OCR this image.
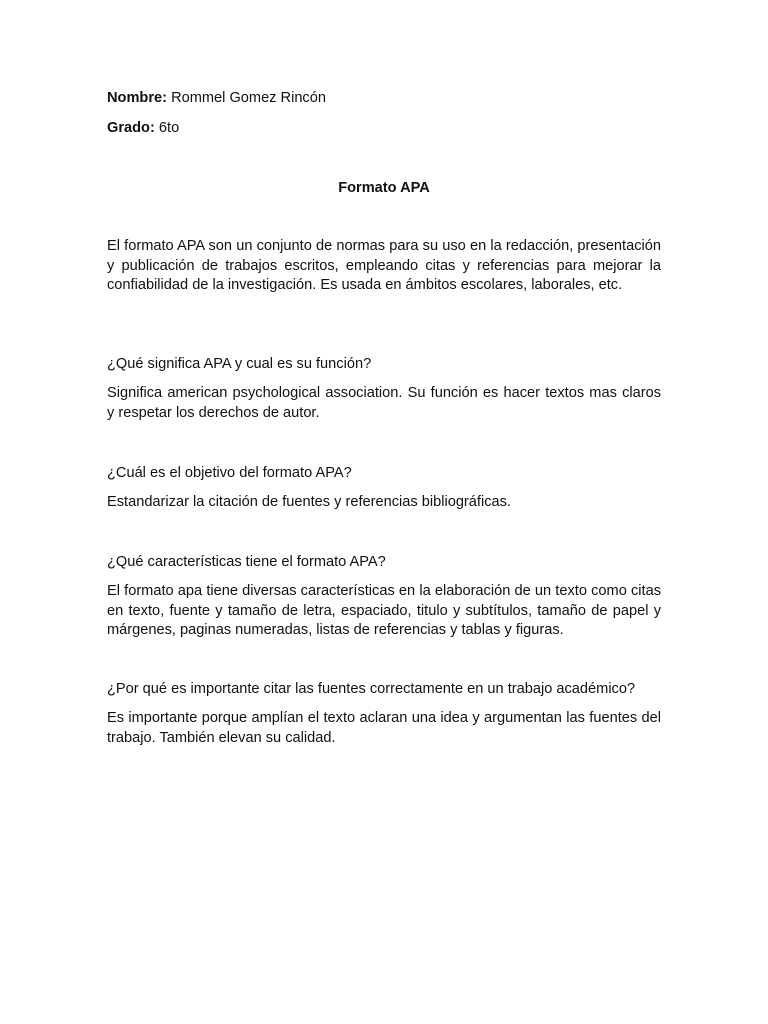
Nombre: Rommel Gomez Rincón

Grado: 6to

Formato APA

El formato APA son un conjunto de normas para su uso en la redacción, presentación y publicación de trabajos escritos, empleando citas y referencias para mejorar la confiabilidad de la investigación. Es usada en ámbitos escolares, laborales, etc.

¿Qué significa APA y cual es su función?

Significa american psychological association. Su función es hacer textos mas claros y respetar los derechos de autor.

¿Cuál es el objetivo del formato APA?

Estandarizar la citación de fuentes y referencias bibliográficas.

¿Qué características tiene el formato APA?

El formato apa tiene diversas características en la elaboración de un texto como citas en texto, fuente y tamaño de letra, espaciado, titulo y subtítulos, tamaño de papel y márgenes, paginas numeradas, listas de referencias y tablas y figuras.

¿Por qué es importante citar las fuentes correctamente en un trabajo académico?

Es importante porque amplían el texto aclaran una idea y argumentan las fuentes del trabajo. También elevan su calidad.
